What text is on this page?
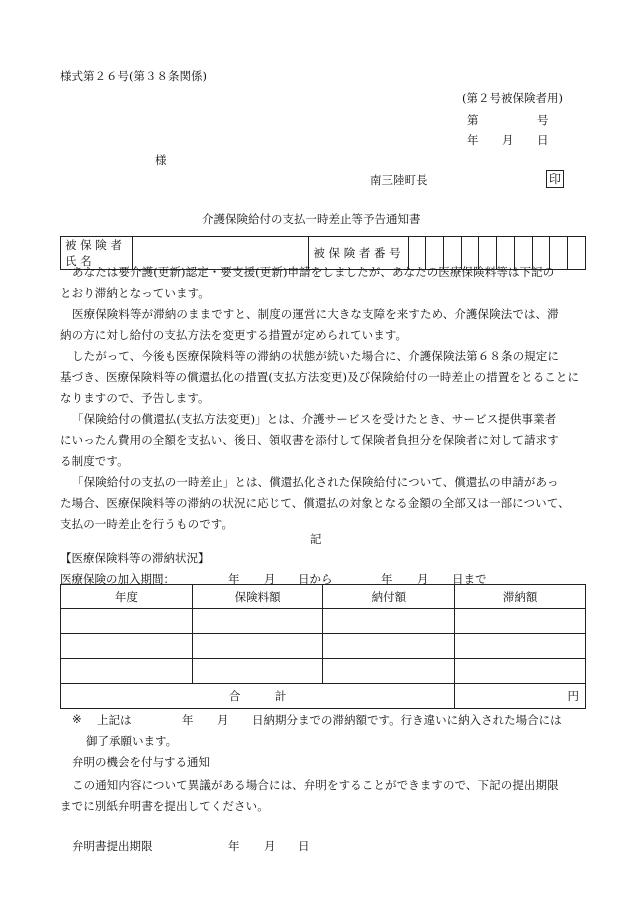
様式第２６号(第３８条関係)
(第２号被保険者用)
第	号
年 月 日
様
南三陸町長	印
介護保険給付の支払一時差止等予告通知書
被 保 険 者 氏 名		被 保 険 者 番 号										
あなたは要介護(更新)認定・要支援(更新)申請をしましたが、あなたの医療保険料等は下記の
とおり滞納となっています。
医療保険料等が滞納のままですと、制度の運営に大きな支障を来すため、介護保険法では、滞
納の方に対し給付の支払方法を変更する措置が定められています。
したがって、今後も医療保険料等の滞納の状態が続いた場合に、介護保険法第６８条の規定に
基づき、医療保険料等の償還払化の措置(支払方法変更)及び保険給付の一時差止の措置をとることに
なりますので、予告します。
「保険給付の償還払(支払方法変更)」とは、介護サービスを受けたとき、サービス提供事業者
にいったん費用の全額を支払い、後日、領収書を添付して保険者負担分を保険者に対して請求す
る制度です。
「保険給付の支払の一時差止」とは、償還払化された保険給付について、償還払の申請があっ
た場合、医療保険料等の滞納の状況に応じて、償還払の対象となる金額の全部又は一部について、
支払の一時差止を行うものです。
記
【医療保険料等の滞納状況】
医療保険の加入期間：	年 月 日から	年 月 日まで
年度	保険料額	納付額	滞納額

合　　　計			円
※ 上記は	年 月 日納期分までの滞納額です。行き違いに納入された場合には
御了承願います。
弁明の機会を付与する通知
この通知内容について異議がある場合には、弁明をすることができますので、下記の提出期限
までに別紙弁明書を提出してください。
弁明書提出期限	年 月 日
